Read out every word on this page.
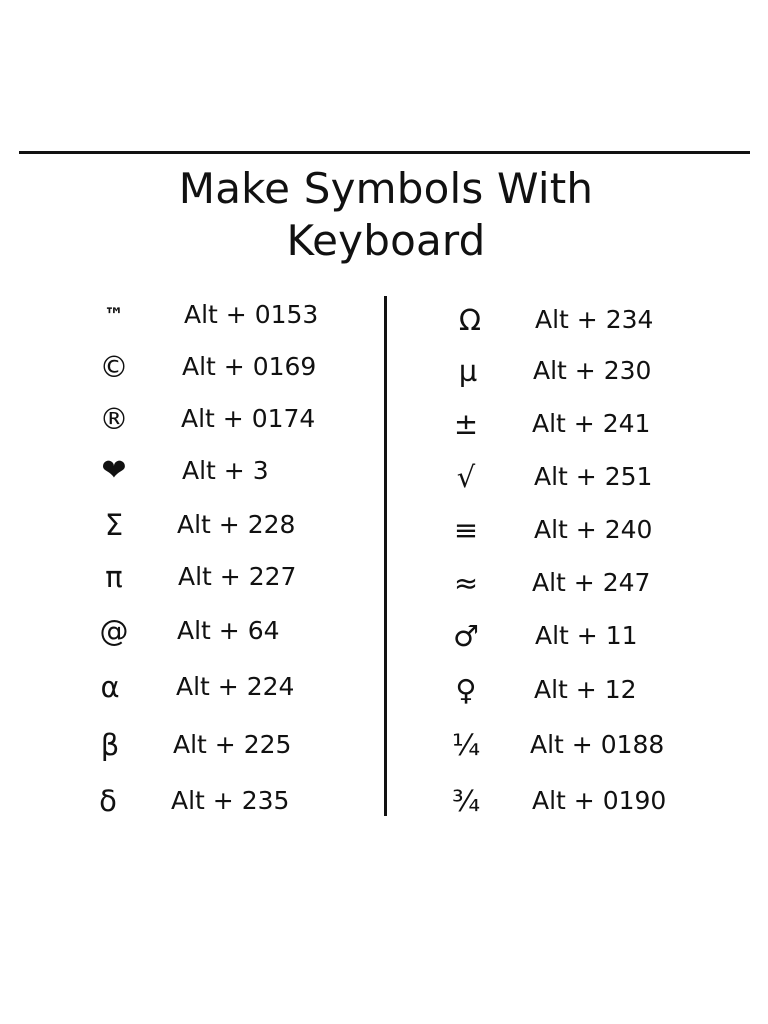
Make Symbols With
Keyboard
™	Alt + 0153
©	Alt + 0169
®	Alt + 0174
❤	Alt + 3
Σ	Alt + 228
π	Alt + 227
@	Alt + 64
α	Alt + 224
β	Alt + 225
δ	Alt + 235
Ω	Alt + 234
µ	Alt + 230
±	Alt + 241
√	Alt + 251
≡	Alt + 240
≈	Alt + 247
♂	Alt + 11
♀	Alt + 12
¼	Alt + 0188
¾	Alt + 0190
